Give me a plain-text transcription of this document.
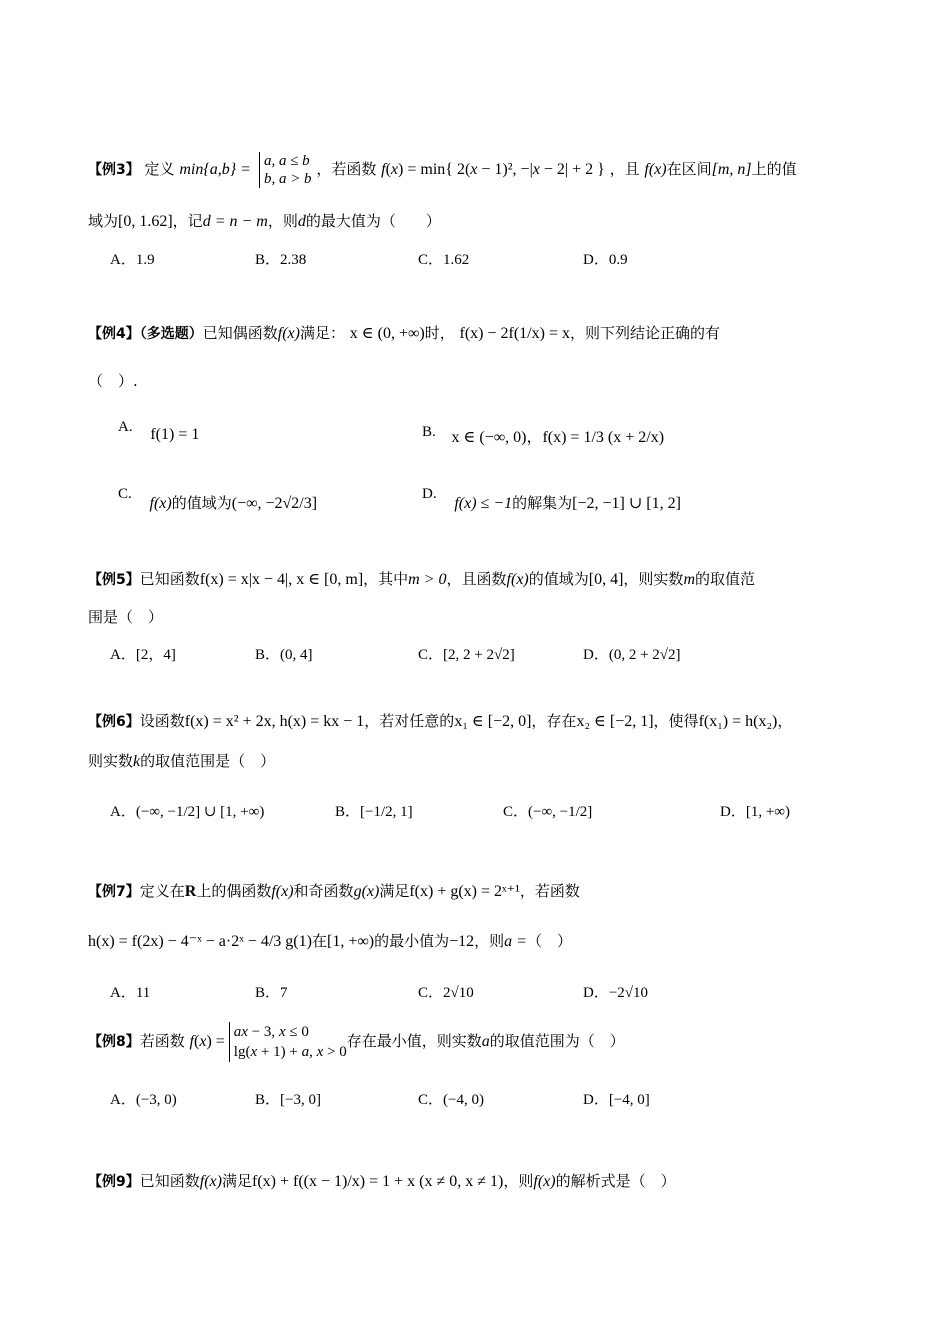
【例3】 定义 min{a,b} = a, a ≤ b
b, a > b ，若函数 f(x) = min{ 2(x − 1)², −|x − 2| + 2 } ，且 f(x)在区间[m, n]上的值
域为[0, 1.62]，记d = n − m，则d的最大值为（　　）
A．1.9	B．2.38	C．1.62	D．0.9
【例4】（多选题）已知偶函数f(x)满足： x ∈ (0, +∞)时， f(x) − 2f(1/x) = x，则下列结论正确的有
（　）.
A. f(1) = 1	B. x ∈ (−∞, 0)，f(x) = 1/3 (x + 2/x)
C. f(x)的值域为(−∞, −2√2/3]
D. f(x) ≤ −1的解集为[−2, −1] ∪ [1, 2]
【例5】已知函数f(x) = x|x − 4|, x ∈ [0, m]，其中m > 0，且函数f(x)的值域为[0, 4]，则实数m的取值范
围是（　）
A．[2，4]	B．(0, 4]	C．[2, 2 + 2√2]	D．(0, 2 + 2√2]
【例6】设函数f(x) = x² + 2x, h(x) = kx − 1，若对任意的x₁ ∈ [−2, 0]，存在x₂ ∈ [−2, 1]，使得f(x₁) = h(x₂)，
则实数k的取值范围是（　）
A．(−∞, −1/2] ∪ [1, +∞)	B．[−1/2, 1]	C．(−∞, −1/2]	D．[1, +∞)
【例7】定义在R上的偶函数f(x)和奇函数g(x)满足f(x) + g(x) = 2ˣ⁺¹，若函数
h(x) = f(2x) − 4⁻ˣ − a·2ˣ − 4/3 g(1)在[1, +∞)的最小值为−12，则a =（　）
A．11	B．7	C．2√10	D．−2√10
【例8】若函数 f(x) = ax − 3, x ≤ 0
lg(x + 1) + a, x > 0存在最小值，则实数a的取值范围为（　）
A．(−3, 0)	B．[−3, 0]	C．(−4, 0)	D．[−4, 0]
【例9】已知函数f(x)满足f(x) + f((x − 1)/x) = 1 + x (x ≠ 0, x ≠ 1)，则f(x)的解析式是（　）
